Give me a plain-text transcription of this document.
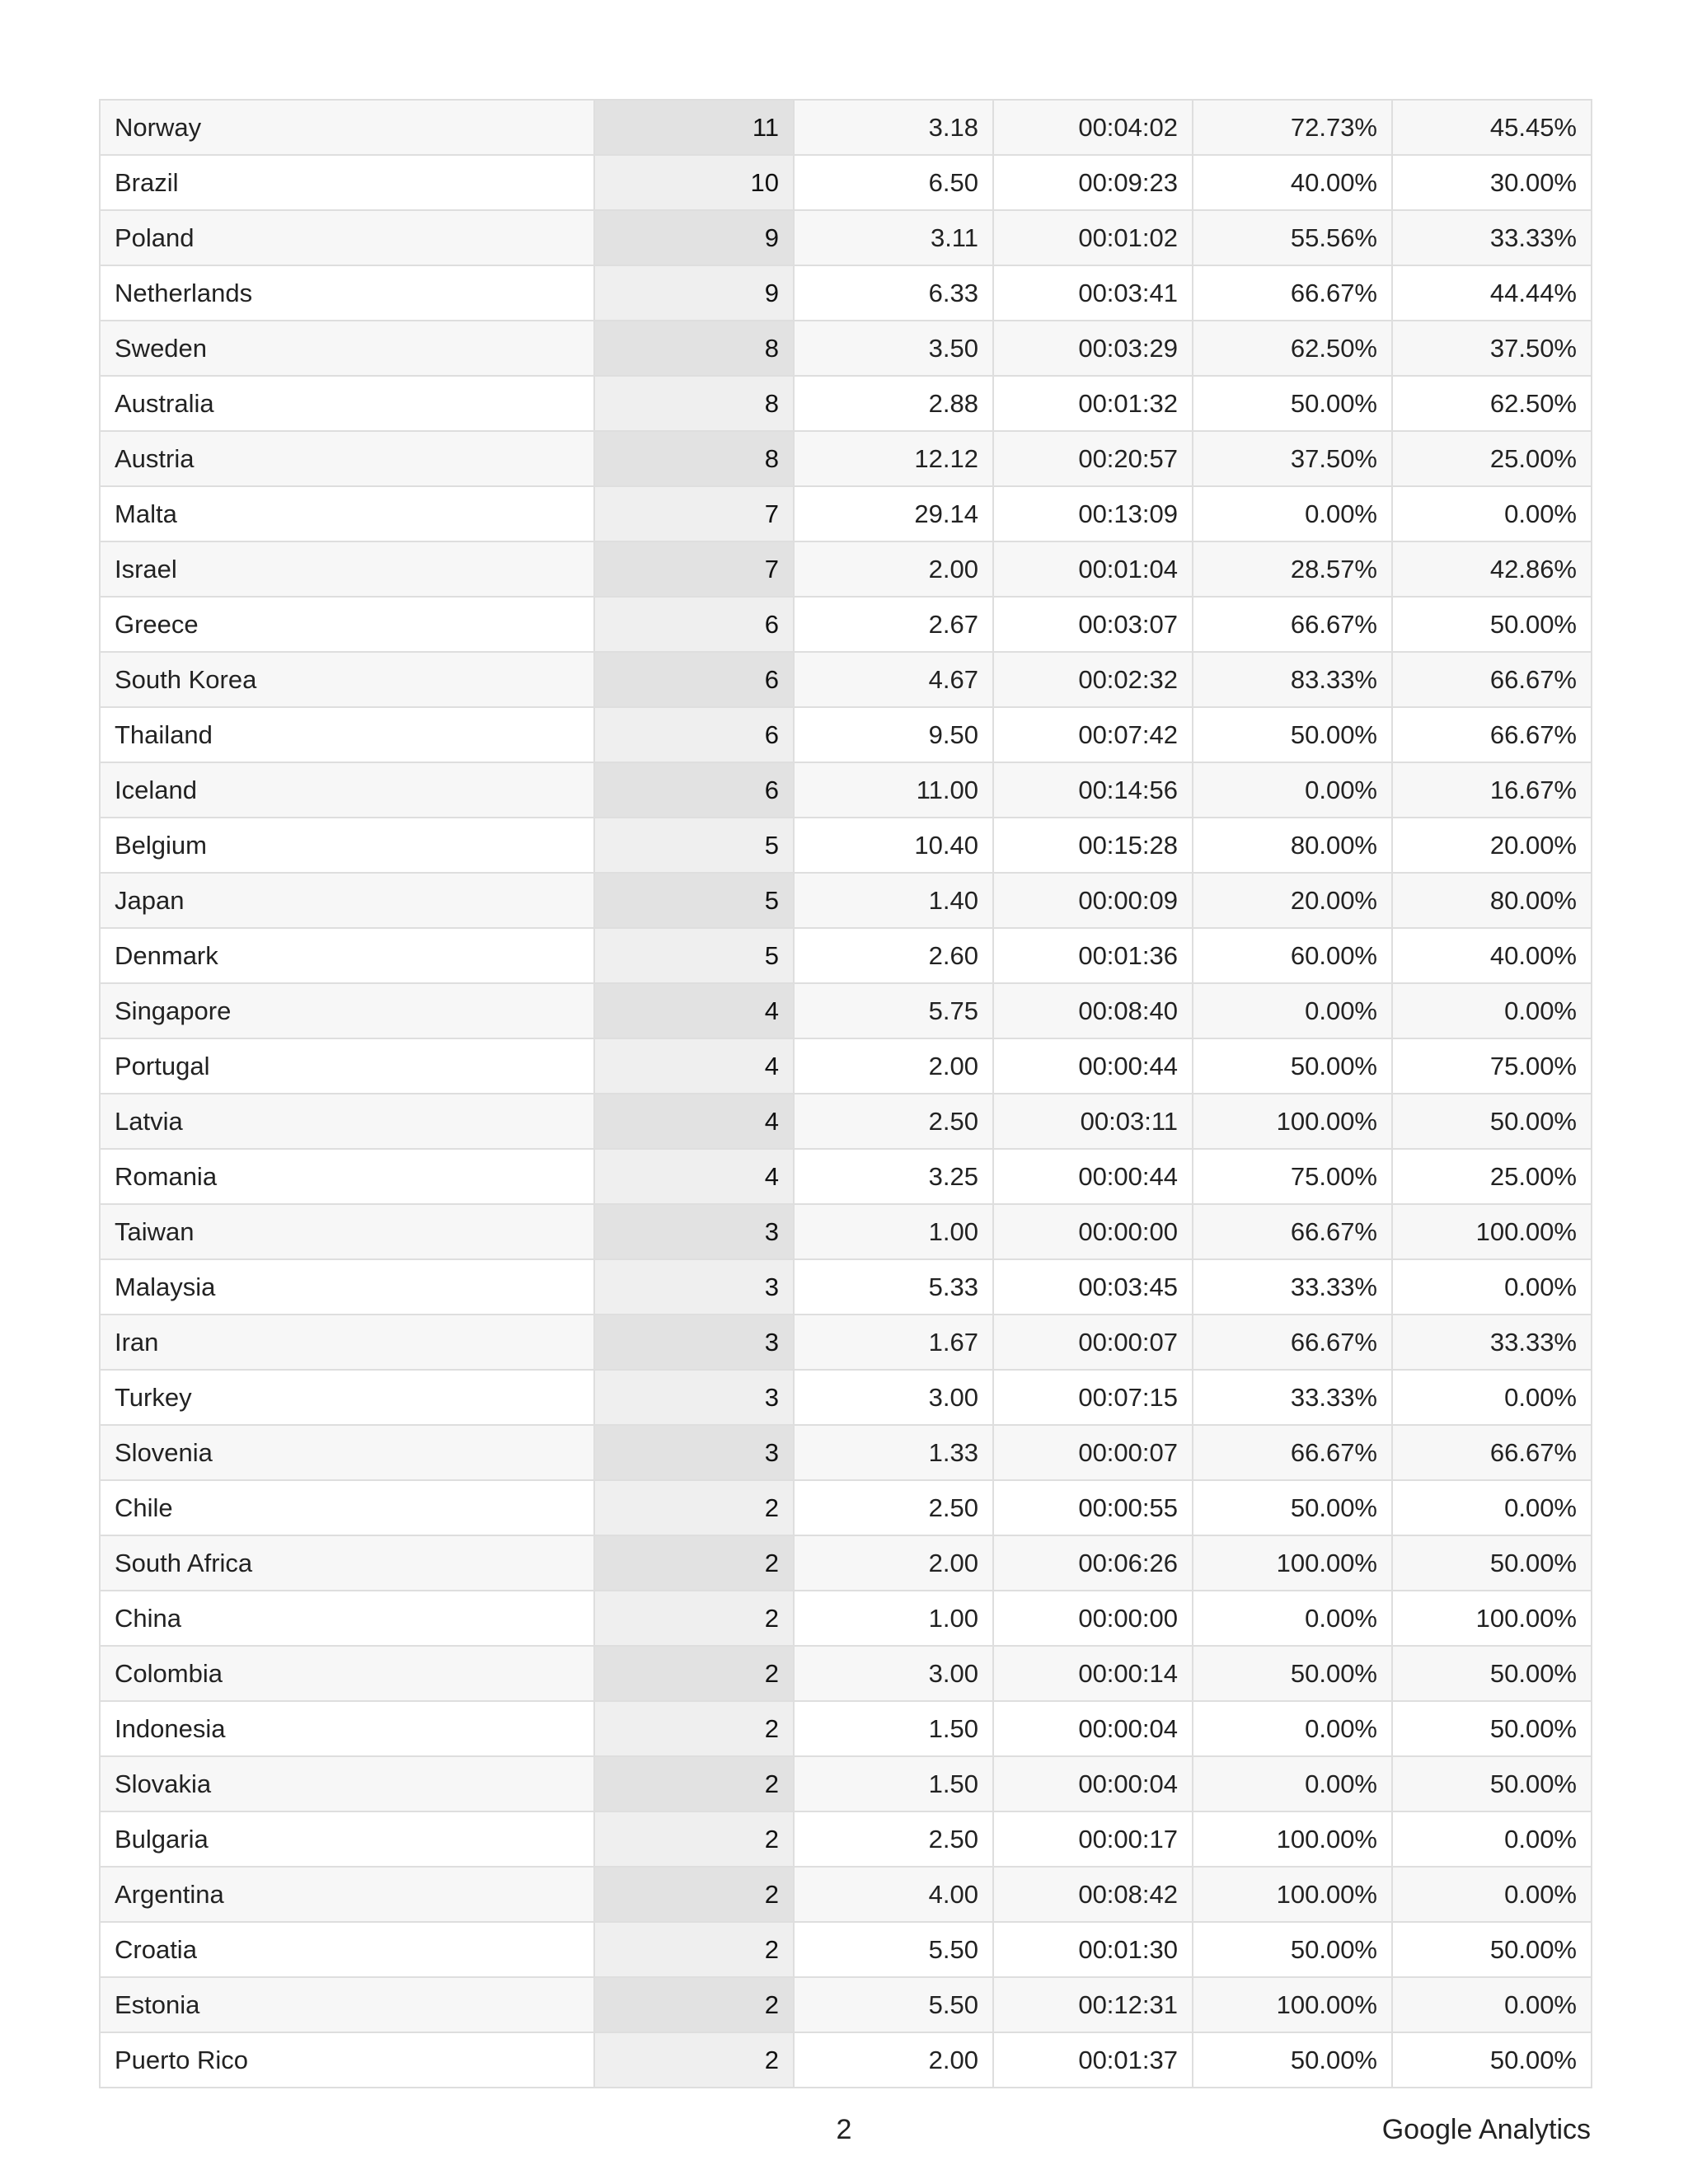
Norway	11	3.18	00:04:02	72.73%	45.45%
Brazil	10	6.50	00:09:23	40.00%	30.00%
Poland	9	3.11	00:01:02	55.56%	33.33%
Netherlands	9	6.33	00:03:41	66.67%	44.44%
Sweden	8	3.50	00:03:29	62.50%	37.50%
Australia	8	2.88	00:01:32	50.00%	62.50%
Austria	8	12.12	00:20:57	37.50%	25.00%
Malta	7	29.14	00:13:09	0.00%	0.00%
Israel	7	2.00	00:01:04	28.57%	42.86%
Greece	6	2.67	00:03:07	66.67%	50.00%
South Korea	6	4.67	00:02:32	83.33%	66.67%
Thailand	6	9.50	00:07:42	50.00%	66.67%
Iceland	6	11.00	00:14:56	0.00%	16.67%
Belgium	5	10.40	00:15:28	80.00%	20.00%
Japan	5	1.40	00:00:09	20.00%	80.00%
Denmark	5	2.60	00:01:36	60.00%	40.00%
Singapore	4	5.75	00:08:40	0.00%	0.00%
Portugal	4	2.00	00:00:44	50.00%	75.00%
Latvia	4	2.50	00:03:11	100.00%	50.00%
Romania	4	3.25	00:00:44	75.00%	25.00%
Taiwan	3	1.00	00:00:00	66.67%	100.00%
Malaysia	3	5.33	00:03:45	33.33%	0.00%
Iran	3	1.67	00:00:07	66.67%	33.33%
Turkey	3	3.00	00:07:15	33.33%	0.00%
Slovenia	3	1.33	00:00:07	66.67%	66.67%
Chile	2	2.50	00:00:55	50.00%	0.00%
South Africa	2	2.00	00:06:26	100.00%	50.00%
China	2	1.00	00:00:00	0.00%	100.00%
Colombia	2	3.00	00:00:14	50.00%	50.00%
Indonesia	2	1.50	00:00:04	0.00%	50.00%
Slovakia	2	1.50	00:00:04	0.00%	50.00%
Bulgaria	2	2.50	00:00:17	100.00%	0.00%
Argentina	2	4.00	00:08:42	100.00%	0.00%
Croatia	2	5.50	00:01:30	50.00%	50.00%
Estonia	2	5.50	00:12:31	100.00%	0.00%
Puerto Rico	2	2.00	00:01:37	50.00%	50.00%
2	Google Analytics
